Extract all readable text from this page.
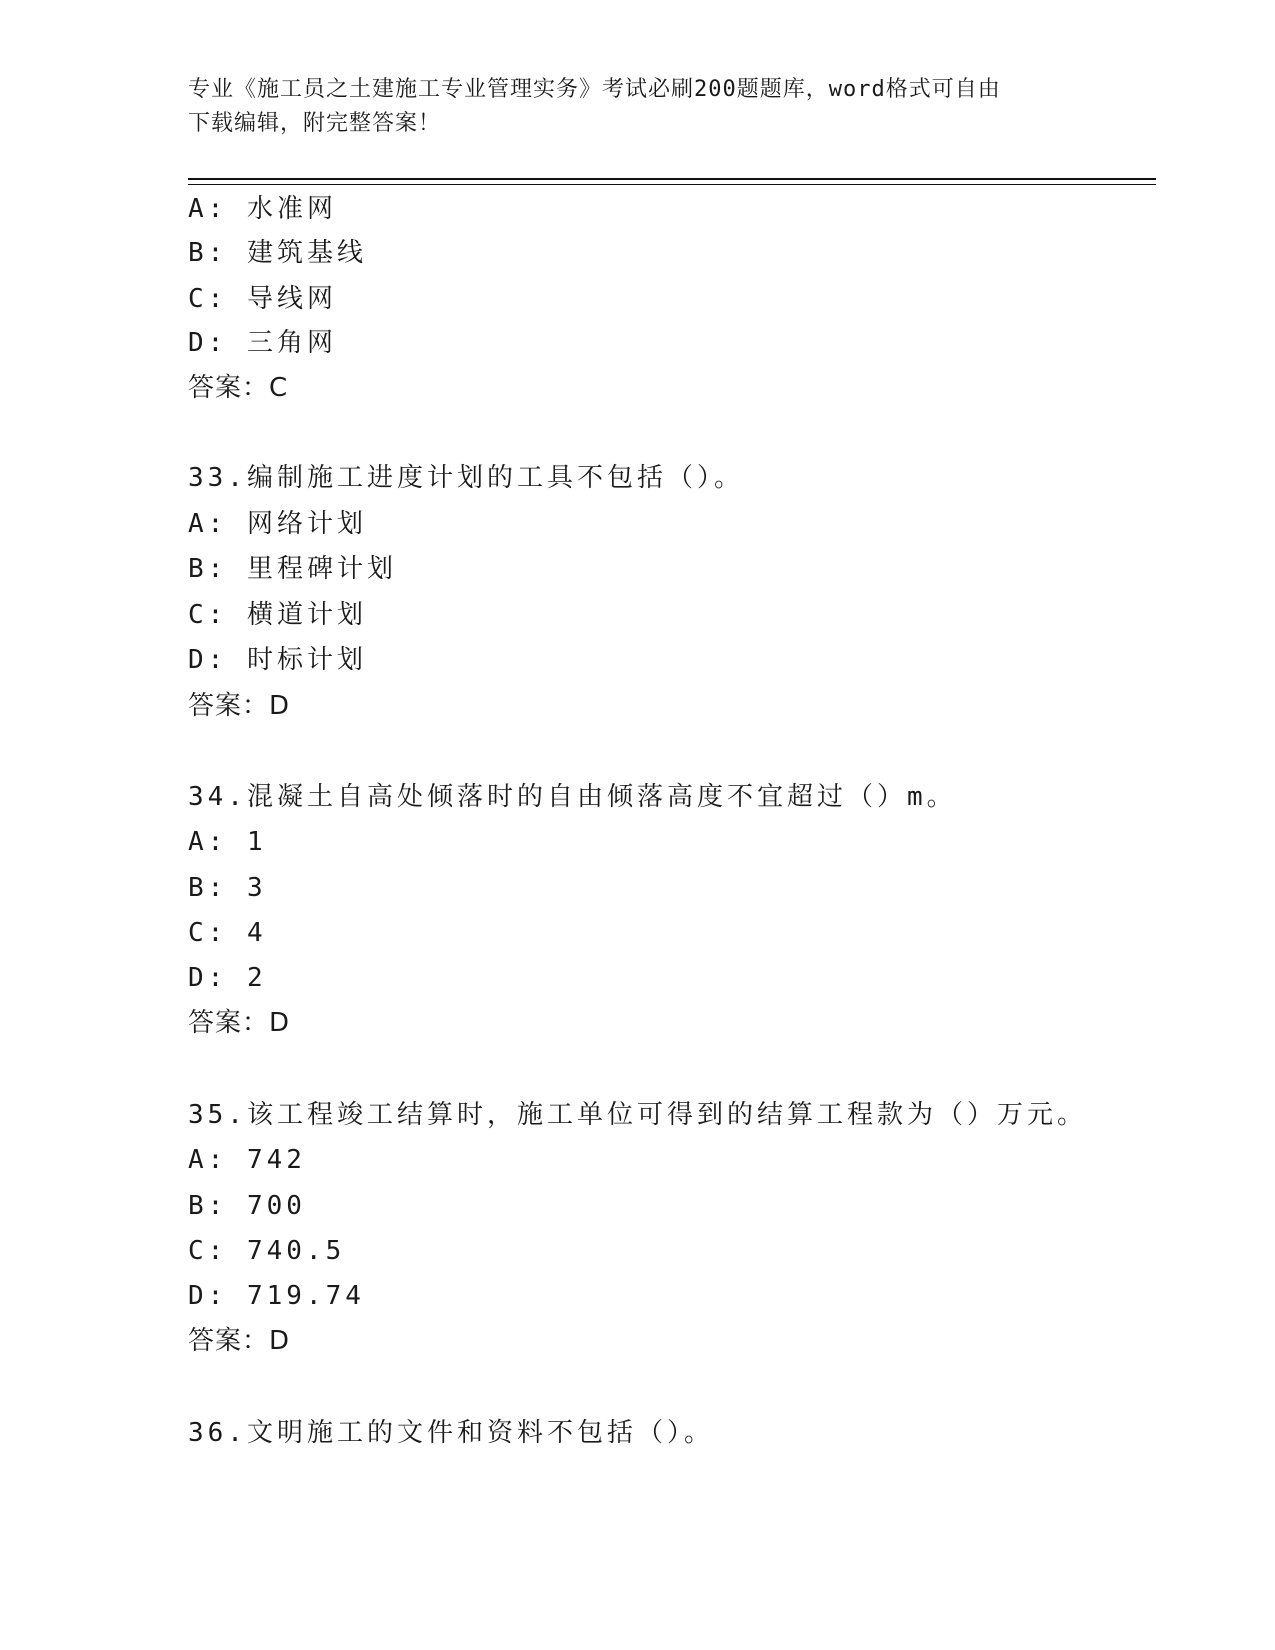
专业《施工员之土建施工专业管理实务》考试必刷200题题库，word格式可自由
下载编辑，附完整答案！
A: 水准网
B: 建筑基线
C: 导线网
D: 三角网
答案：C
33.编制施工进度计划的工具不包括（）。
A: 网络计划
B: 里程碑计划
C: 横道计划
D: 时标计划
答案：D
34.混凝土自高处倾落时的自由倾落高度不宜超过（）m。
A: 1
B: 3
C: 4
D: 2
答案：D
35.该工程竣工结算时，施工单位可得到的结算工程款为（）万元。
A: 742
B: 700
C: 740.5
D: 719.74
答案：D
36.文明施工的文件和资料不包括（）。
